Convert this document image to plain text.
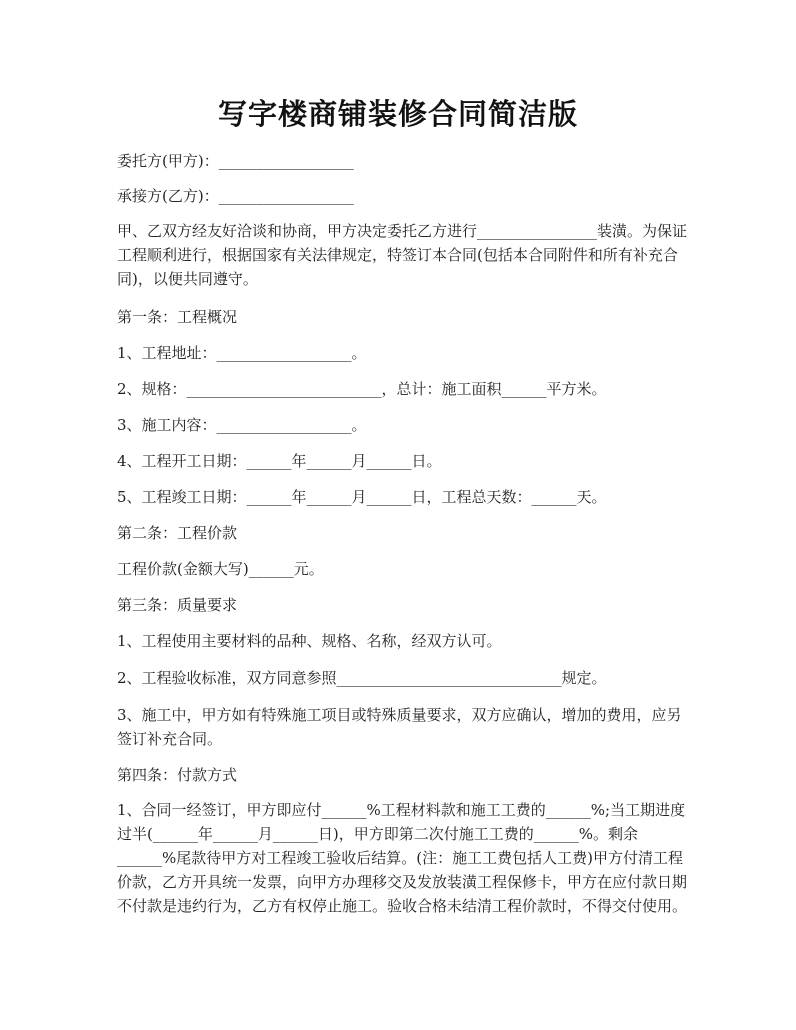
写字楼商铺装修合同简洁版

委托方(甲方)：__________________

承接方(乙方)：__________________

甲、乙双方经友好洽谈和协商，甲方决定委托乙方进行________________装潢。为保证工程顺利进行，根据国家有关法律规定，特签订本合同(包括本合同附件和所有补充合同)，以便共同遵守。

第一条：工程概况

1、工程地址：__________________。

2、规格：__________________________，总计：施工面积______平方米。

3、施工内容：__________________。

4、工程开工日期：______年______月______日。

5、工程竣工日期：______年______月______日，工程总天数：______天。

第二条：工程价款

工程价款(金额大写)______元。

第三条：质量要求

1、工程使用主要材料的品种、规格、名称，经双方认可。

2、工程验收标准，双方同意参照______________________________规定。

3、施工中，甲方如有特殊施工项目或特殊质量要求，双方应确认，增加的费用，应另签订补充合同。

第四条：付款方式

1、合同一经签订，甲方即应付______%工程材料款和施工工费的______%;当工期进度过半(______年______月______日)，甲方即第二次付施工工费的______%。剩余______%尾款待甲方对工程竣工验收后结算。(注：施工工费包括人工费)甲方付清工程价款，乙方开具统一发票，向甲方办理移交及发放装潢工程保修卡，甲方在应付款日期不付款是违约行为，乙方有权停止施工。验收合格未结清工程价款时，不得交付使用。
